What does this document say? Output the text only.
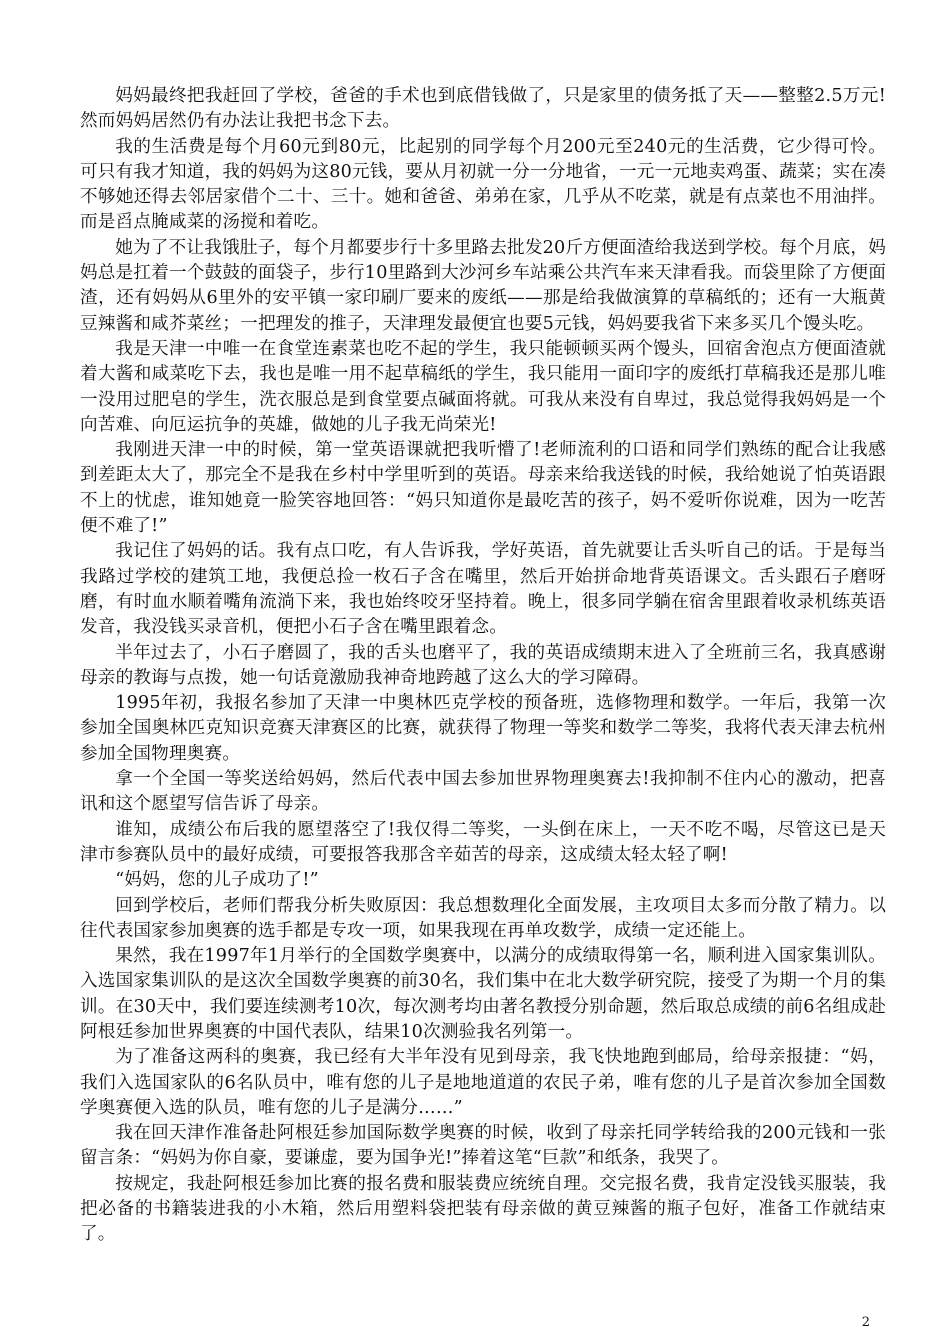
妈妈最终把我赶回了学校，爸爸的手术也到底借钱做了，只是家里的债务抵了天——整整2.5万元!然而妈妈居然仍有办法让我把书念下去。

我的生活费是每个月60元到80元，比起别的同学每个月200元至240元的生活费，它少得可怜。可只有我才知道，我的妈妈为这80元钱，要从月初就一分一分地省，一元一元地卖鸡蛋、蔬菜；实在凑不够她还得去邻居家借个二十、三十。她和爸爸、弟弟在家，几乎从不吃菜，就是有点菜也不用油拌。而是舀点腌咸菜的汤搅和着吃。

她为了不让我饿肚子，每个月都要步行十多里路去批发20斤方便面渣给我送到学校。每个月底，妈妈总是扛着一个鼓鼓的面袋子，步行10里路到大沙河乡车站乘公共汽车来天津看我。而袋里除了方便面渣，还有妈妈从6里外的安平镇一家印刷厂要来的废纸——那是给我做演算的草稿纸的；还有一大瓶黄豆辣酱和咸芥菜丝；一把理发的推子，天津理发最便宜也要5元钱，妈妈要我省下来多买几个馒头吃。

我是天津一中唯一在食堂连素菜也吃不起的学生，我只能顿顿买两个馒头，回宿舍泡点方便面渣就着大酱和咸菜吃下去，我也是唯一用不起草稿纸的学生，我只能用一面印字的废纸打草稿我还是那儿唯一没用过肥皂的学生，洗衣服总是到食堂要点碱面将就。可我从来没有自卑过，我总觉得我妈妈是一个向苦难、向厄运抗争的英雄，做她的儿子我无尚荣光!

我刚进天津一中的时候，第一堂英语课就把我听懵了!老师流利的口语和同学们熟练的配合让我感到差距太大了，那完全不是我在乡村中学里听到的英语。母亲来给我送钱的时候，我给她说了怕英语跟不上的忧虑，谁知她竟一脸笑容地回答：“妈只知道你是最吃苦的孩子，妈不爱听你说难，因为一吃苦便不难了!”

我记住了妈妈的话。我有点口吃，有人告诉我，学好英语，首先就要让舌头听自己的话。于是每当我路过学校的建筑工地，我便总捡一枚石子含在嘴里，然后开始拼命地背英语课文。舌头跟石子磨呀磨，有时血水顺着嘴角流淌下来，我也始终咬牙坚持着。晚上，很多同学躺在宿舍里跟着收录机练英语发音，我没钱买录音机，便把小石子含在嘴里跟着念。

半年过去了，小石子磨圆了，我的舌头也磨平了，我的英语成绩期末进入了全班前三名，我真感谢母亲的教诲与点拨，她一句话竟激励我神奇地跨越了这么大的学习障碍。

1995年初，我报名参加了天津一中奥林匹克学校的预备班，选修物理和数学。一年后，我第一次参加全国奥林匹克知识竞赛天津赛区的比赛，就获得了物理一等奖和数学二等奖，我将代表天津去杭州参加全国物理奥赛。

拿一个全国一等奖送给妈妈，然后代表中国去参加世界物理奥赛去!我抑制不住内心的激动，把喜讯和这个愿望写信告诉了母亲。

谁知，成绩公布后我的愿望落空了!我仅得二等奖，一头倒在床上，一天不吃不喝，尽管这已是天津市参赛队员中的最好成绩，可要报答我那含辛茹苦的母亲，这成绩太轻太轻了啊!

“妈妈，您的儿子成功了!”

回到学校后，老师们帮我分析失败原因：我总想数理化全面发展，主攻项目太多而分散了精力。以往代表国家参加奥赛的选手都是专攻一项，如果我现在再单攻数学，成绩一定还能上。

果然，我在1997年1月举行的全国数学奥赛中，以满分的成绩取得第一名，顺利进入国家集训队。入选国家集训队的是这次全国数学奥赛的前30名，我们集中在北大数学研究院，接受了为期一个月的集训。在30天中，我们要连续测考10次，每次测考均由著名教授分别命题，然后取总成绩的前6名组成赴阿根廷参加世界奥赛的中国代表队，结果10次测验我名列第一。

为了准备这两科的奥赛，我已经有大半年没有见到母亲，我飞快地跑到邮局，给母亲报捷：“妈，我们入选国家队的6名队员中，唯有您的儿子是地地道道的农民子弟，唯有您的儿子是首次参加全国数学奥赛便入选的队员，唯有您的儿子是满分……”

我在回天津作准备赴阿根廷参加国际数学奥赛的时候，收到了母亲托同学转给我的200元钱和一张留言条：“妈妈为你自豪，要谦虚，要为国争光!”捧着这笔“巨款”和纸条，我哭了。

按规定，我赴阿根廷参加比赛的报名费和服装费应统统自理。交完报名费，我肯定没钱买服装，我把必备的书籍装进我的小木箱，然后用塑料袋把装有母亲做的黄豆辣酱的瓶子包好，准备工作就结束了。

2
